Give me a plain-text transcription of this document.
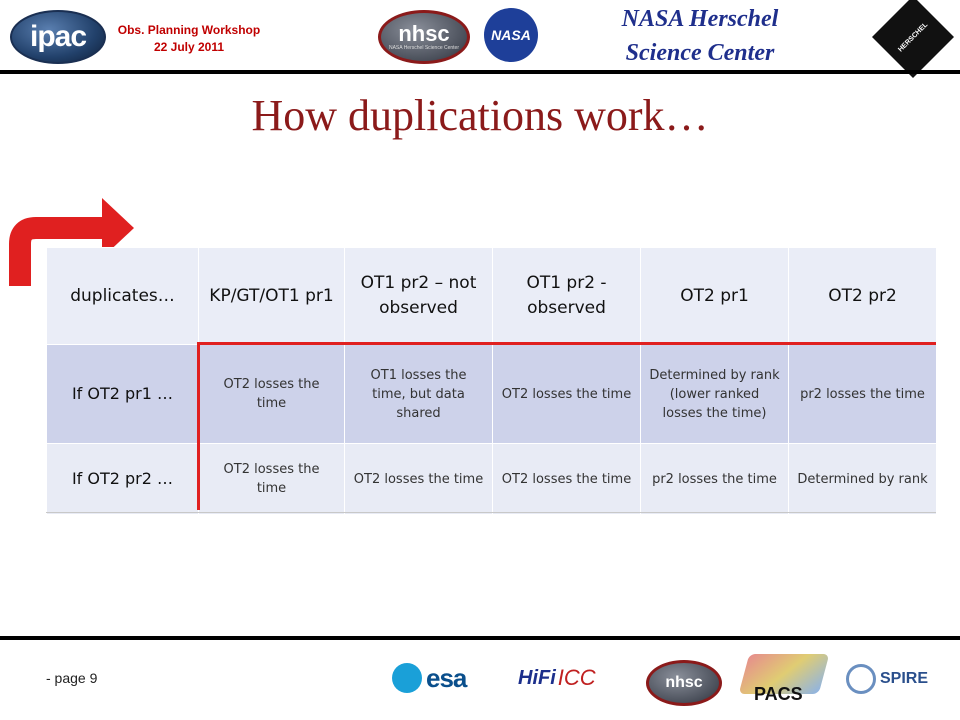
ipac	Obs. Planning Workshop
22 July 2011
nhsc
NASA Herschel Science Center
NASA
NASA Herschel
Science Center	HERSCHEL
How duplications work…
duplicates…	KP/GT/OT1 pr1	OT1 pr2 – not observed	OT1 pr2 - observed	OT2 pr1	OT2 pr2
If OT2 pr1 …	OT2 losses the time	OT1 losses the time, but data shared	OT2 losses the time	Determined by rank (lower ranked losses the time)	pr2 losses the time
If OT2 pr2 …	OT2 losses the time	OT2 losses the time	OT2 losses the time	pr2 losses the time	Determined by rank
- page 9	esa	HiFi ICC	nhsc
PACS
SPIRE
